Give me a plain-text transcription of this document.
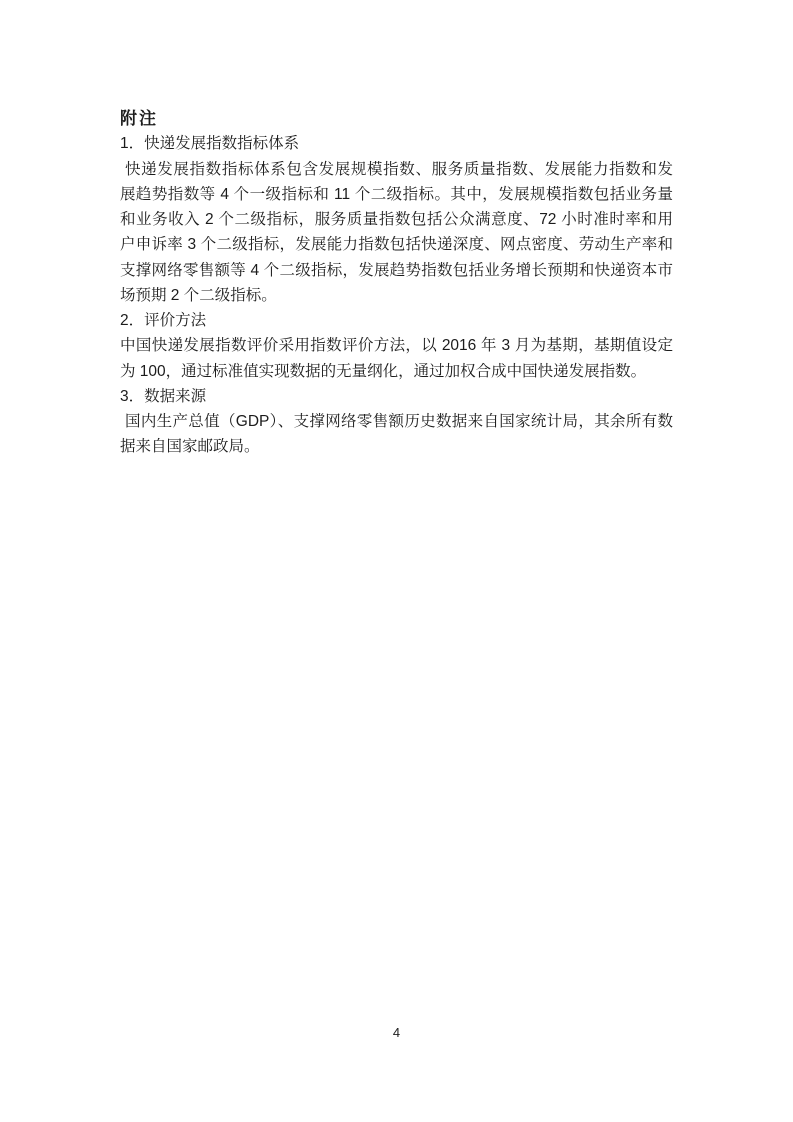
附注
1．快递发展指数指标体系
快递发展指数指标体系包含发展规模指数、服务质量指数、发展能力指数和发
展趋势指数等 4 个一级指标和 11 个二级指标。其中，发展规模指数包括业务量
和业务收入 2 个二级指标，服务质量指数包括公众满意度、72 小时准时率和用
户申诉率 3 个二级指标，发展能力指数包括快递深度、网点密度、劳动生产率和
支撑网络零售额等 4 个二级指标，发展趋势指数包括业务增长预期和快递资本市
场预期 2 个二级指标。
2．评价方法
中国快递发展指数评价采用指数评价方法，以 2016 年 3 月为基期，基期值设定
为 100，通过标准值实现数据的无量纲化，通过加权合成中国快递发展指数。
3．数据来源
国内生产总值（GDP）、支撑网络零售额历史数据来自国家统计局，其余所有数
据来自国家邮政局。
4
